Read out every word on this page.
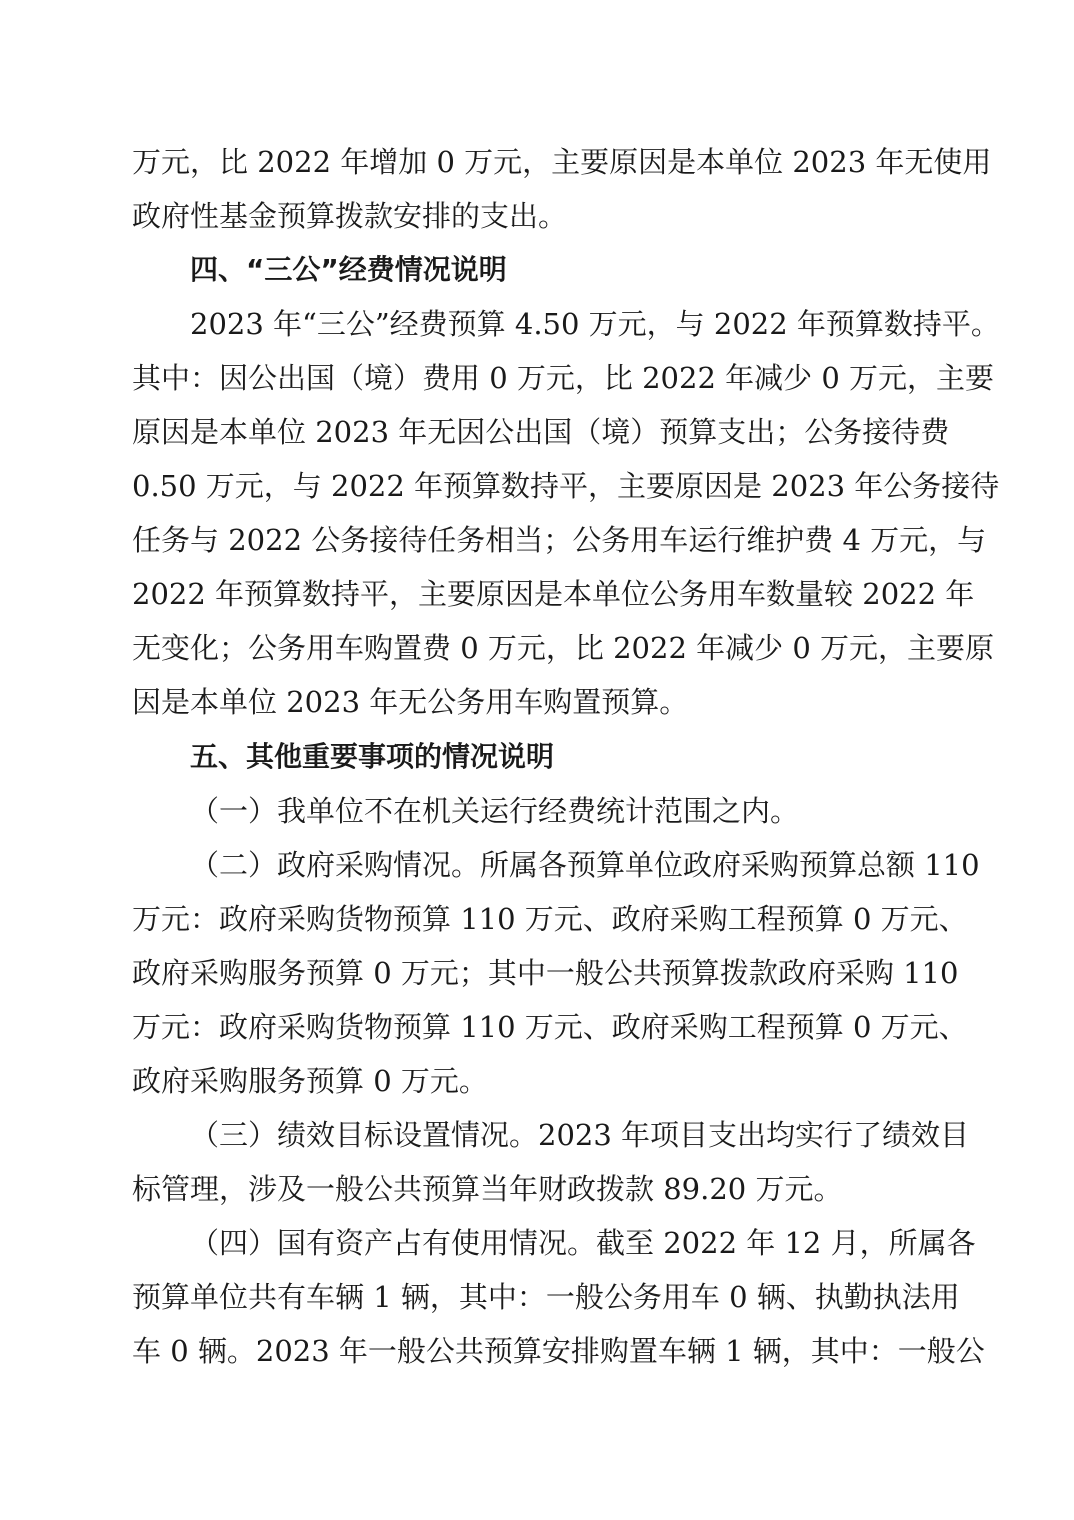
万元，比 2022 年增加 0 万元，主要原因是本单位 2023 年无使用
政府性基金预算拨款安排的支出。
四、“三公”经费情况说明
2023 年“三公”经费预算 4.50 万元，与 2022 年预算数持平。
其中：因公出国（境）费用 0 万元，比 2022 年减少 0 万元，主要
原因是本单位 2023 年无因公出国（境）预算支出；公务接待费
0.50 万元，与 2022 年预算数持平，主要原因是 2023 年公务接待
任务与 2022 公务接待任务相当；公务用车运行维护费 4 万元，与
2022 年预算数持平，主要原因是本单位公务用车数量较 2022 年
无变化；公务用车购置费 0 万元，比 2022 年减少 0 万元，主要原
因是本单位 2023 年无公务用车购置预算。
五、其他重要事项的情况说明
（一）我单位不在机关运行经费统计范围之内。
（二）政府采购情况。所属各预算单位政府采购预算总额 110
万元：政府采购货物预算 110 万元、政府采购工程预算 0 万元、
政府采购服务预算 0 万元；其中一般公共预算拨款政府采购 110
万元：政府采购货物预算 110 万元、政府采购工程预算 0 万元、
政府采购服务预算 0 万元。
（三）绩效目标设置情况。2023 年项目支出均实行了绩效目
标管理，涉及一般公共预算当年财政拨款 89.20 万元。
（四）国有资产占有使用情况。截至 2022 年 12 月，所属各
预算单位共有车辆 1 辆，其中：一般公务用车 0 辆、执勤执法用
车 0 辆。2023 年一般公共预算安排购置车辆 1 辆，其中：一般公
